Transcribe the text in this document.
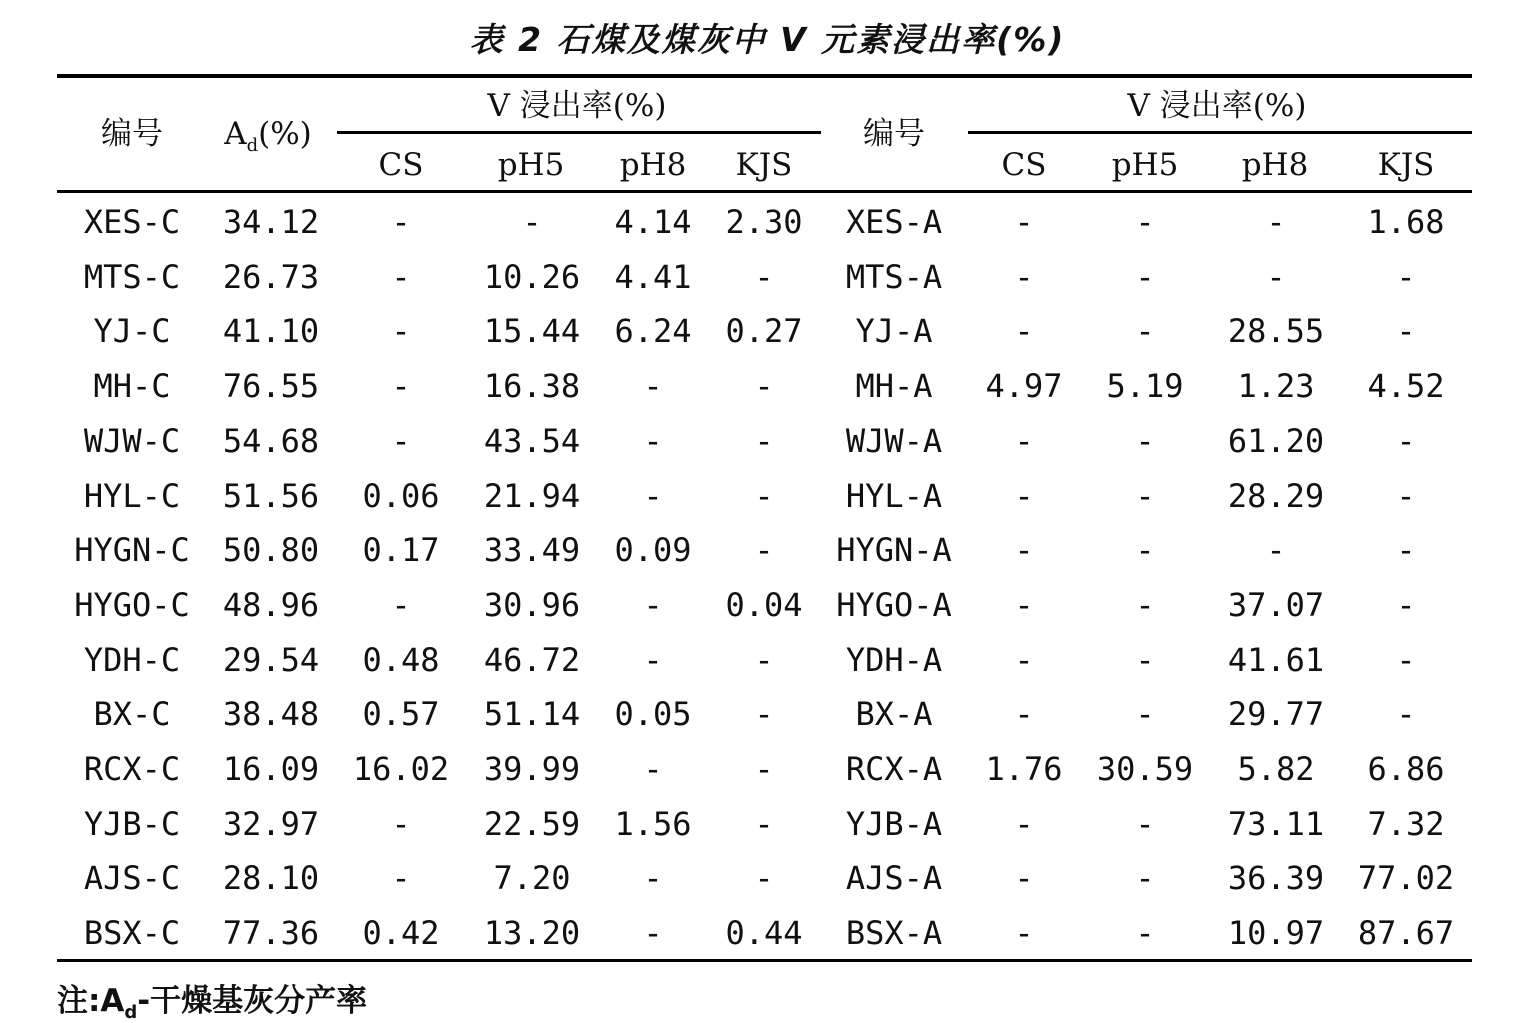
表 2 石煤及煤灰中 V 元素浸出率(%)
编号 $A_d(\%)$
V 浸出率(%)
CS pH5 pH8 KJS
编号
V 浸出率(%)
CS pH5 pH8 KJS
XES-C 34.12 -	- 4.14 2.30 XES-A -	-	-	1.68
MTS-C 26.73 - 10.26 4.41 - MTS-A -	-	-	-
YJ-C 41.10 - 15.44 6.24 0.27 YJ-A	-	- 28.55 -
MH-C 76.55 - 16.38 -	-	MH-A 4.97 5.19 1.23 4.52
WJW-C 54.68 - 43.54 -	- WJW-A -	- 61.20 -
HYL-C 51.56 0.06 21.94 -	- HYL-A -	- 28.29 -
HYGN-C 50.80 0.17 33.49 0.09 - HYGN-A -	-	-	-
HYGO-C 48.96 - 30.96 - 0.04 HYGO-A -	- 37.07 -
YDH-C 29.54 0.48 46.72 -	- YDH-A -	- 41.61 -
BX-C 38.48 0.57 51.14 0.05 -	BX-A	-	- 29.77 -
RCX-C 16.09 16.02 39.99 -	- RCX-A 1.76 30.59 5.82 6.86
YJB-C 32.97 - 22.59 1.56 - YJB-A -	- 73.11 7.32
AJS-C 28.10 -	7.20 -	- AJS-A -	- 36.39 77.02
BSX-C 77.36 0.42 13.20 - 0.44 BSX-A -	- 10.97 87.67
注$:A_d-$干燥基灰分产率
